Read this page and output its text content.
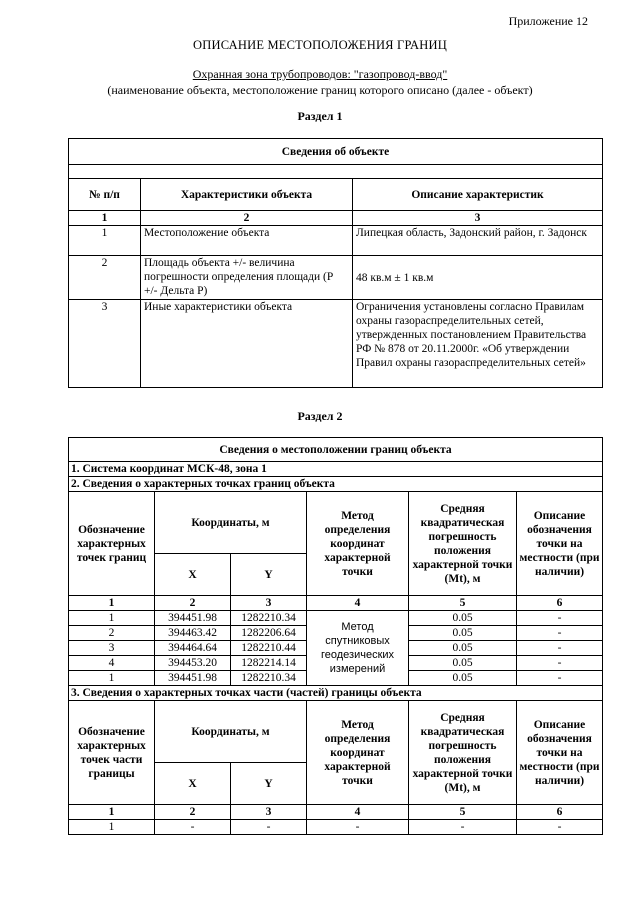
Приложение 12
ОПИСАНИЕ МЕСТОПОЛОЖЕНИЯ ГРАНИЦ
Охранная зона трубопроводов: "газопровод-ввод"
(наименование объекта, местоположение границ которого описано (далее - объект)
Раздел 1
Сведения об объекте		

№ п/п	Характеристики объекта	Описание характеристик
1	2	3
1	Местоположение объекта	Липецкая область, Задонский район, г. Задонск
2	Площадь объекта +/- величина погрешности определения площади (Р +/- Дельта Р)	48 кв.м ± 1 кв.м
3	Иные характеристики объекта	Ограничения установлены согласно Правилам охраны газораспределительных сетей, утвержденных постановлением Правительства РФ № 878 от 20.11.2000г. «Об утверждении Правил охраны газораспределительных сетей»
Раздел 2
Сведения о местоположении границ объекта					
1. Система координат МСК-48, зона 1					
2. Сведения о характерных точках границ объекта					
Обозначение характерных точек границ	Координаты, м		Метод определения координат характерной точки	Средняя квадратическая погрешность положения характерной точки (Mt), м	Описание обозначения точки на местности (при наличии)
	X	Y			
1	2	3	4	5	6
1	394451.98	1282210.34	Метод спутниковых геодезических измерений	0.05	-
2	394463.42	1282206.64		0.05	-
3	394464.64	1282210.44		0.05	-
4	394453.20	1282214.14		0.05	-
1	394451.98	1282210.34		0.05	-
3. Сведения о характерных точках части (частей) границы объекта					
Обозначение характерных точек части границы	Координаты, м		Метод определения координат характерной точки	Средняя квадратическая погрешность положения характерной точки (Mt), м	Описание обозначения точки на местности (при наличии)
	X	Y			
1	2	3	4	5	6
1	-	-	-	-	-
